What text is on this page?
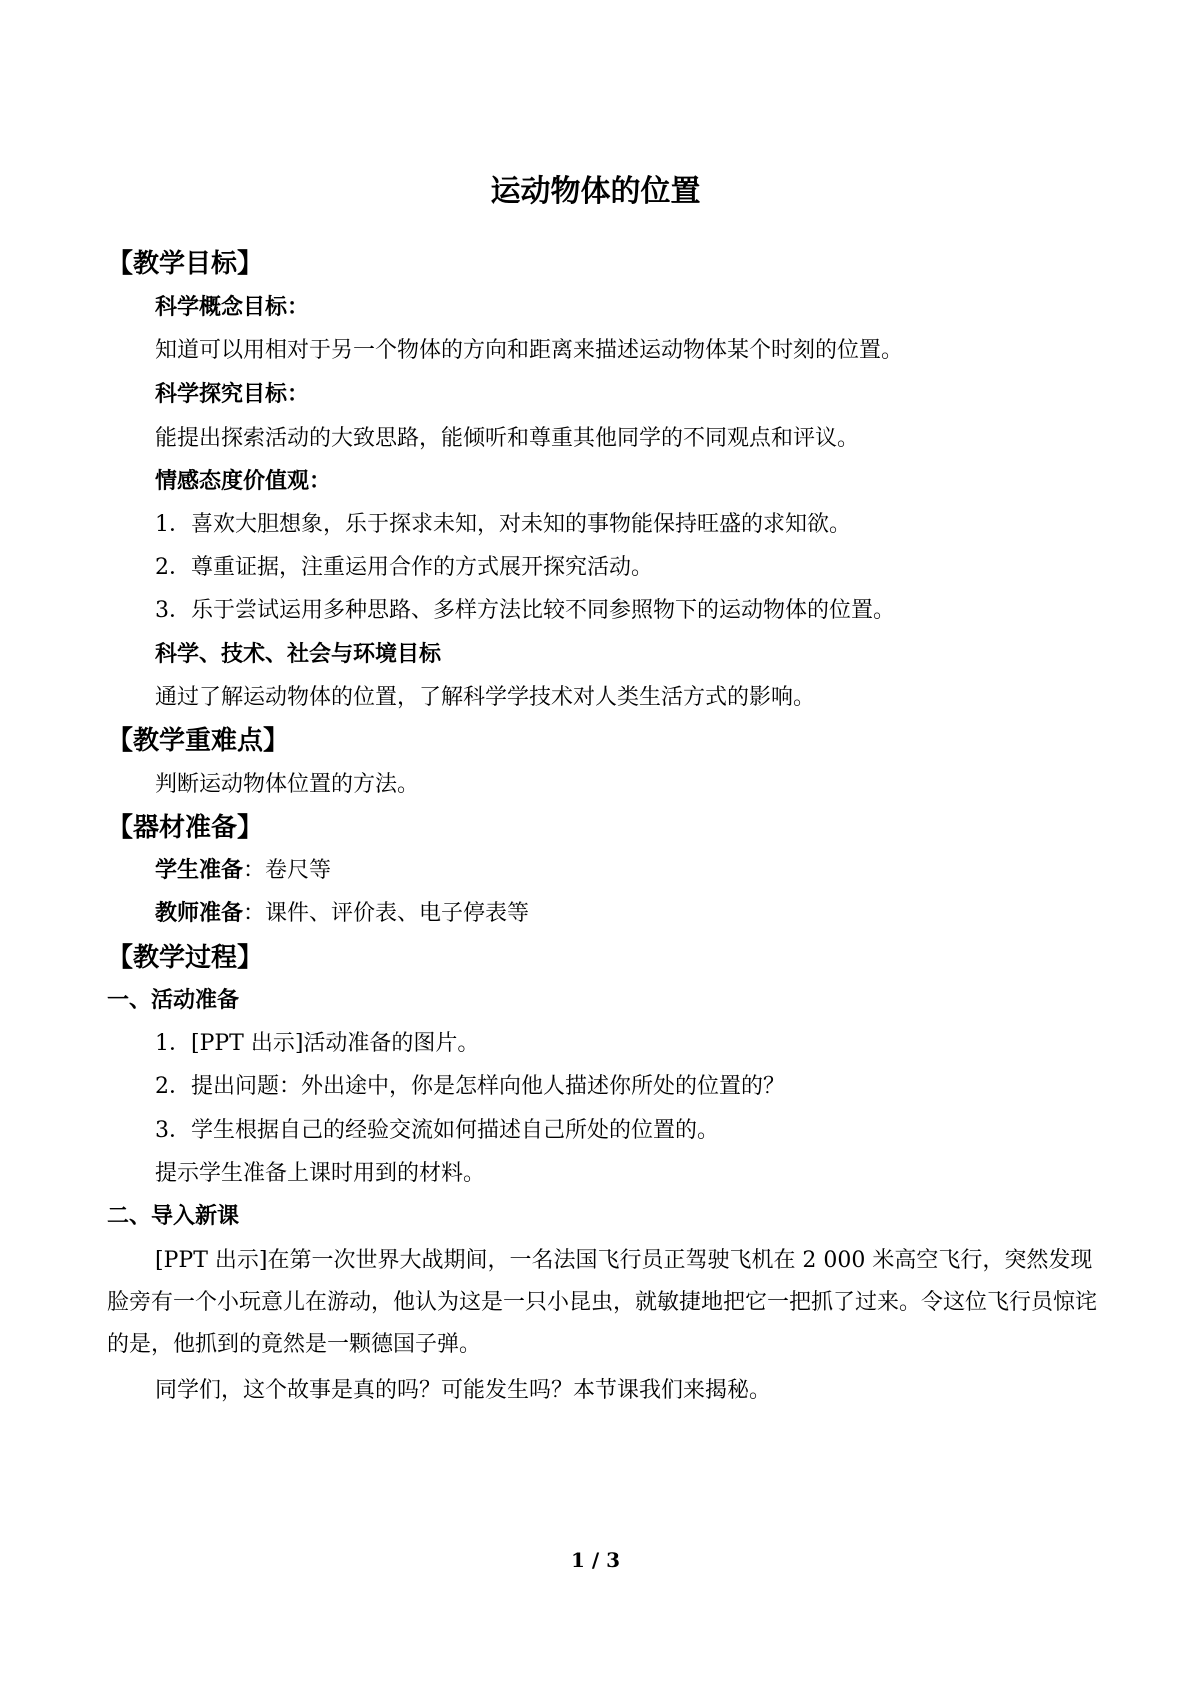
运动物体的位置
【教学目标】
科学概念目标：
知道可以用相对于另一个物体的方向和距离来描述运动物体某个时刻的位置。
科学探究目标：
能提出探索活动的大致思路，能倾听和尊重其他同学的不同观点和评议。
情感态度价值观：
1．喜欢大胆想象，乐于探求未知，对未知的事物能保持旺盛的求知欲。
2．尊重证据，注重运用合作的方式展开探究活动。
3．乐于尝试运用多种思路、多样方法比较不同参照物下的运动物体的位置。
科学、技术、社会与环境目标
通过了解运动物体的位置，了解科学学技术对人类生活方式的影响。
【教学重难点】
判断运动物体位置的方法。
【器材准备】
学生准备：卷尺等
教师准备：课件、评价表、电子停表等
【教学过程】
一、活动准备
1．[PPT 出示]活动准备的图片。
2．提出问题：外出途中，你是怎样向他人描述你所处的位置的？
3．学生根据自己的经验交流如何描述自己所处的位置的。
提示学生准备上课时用到的材料。
二、导入新课
[PPT 出示]在第一次世界大战期间，一名法国飞行员正驾驶飞机在 2 000 米高空飞行，突然发现脸旁有一个小玩意儿在游动，他认为这是一只小昆虫，就敏捷地把它一把抓了过来。令这位飞行员惊诧的是，他抓到的竟然是一颗德国子弹。
同学们，这个故事是真的吗？可能发生吗？本节课我们来揭秘。
1 / 3
